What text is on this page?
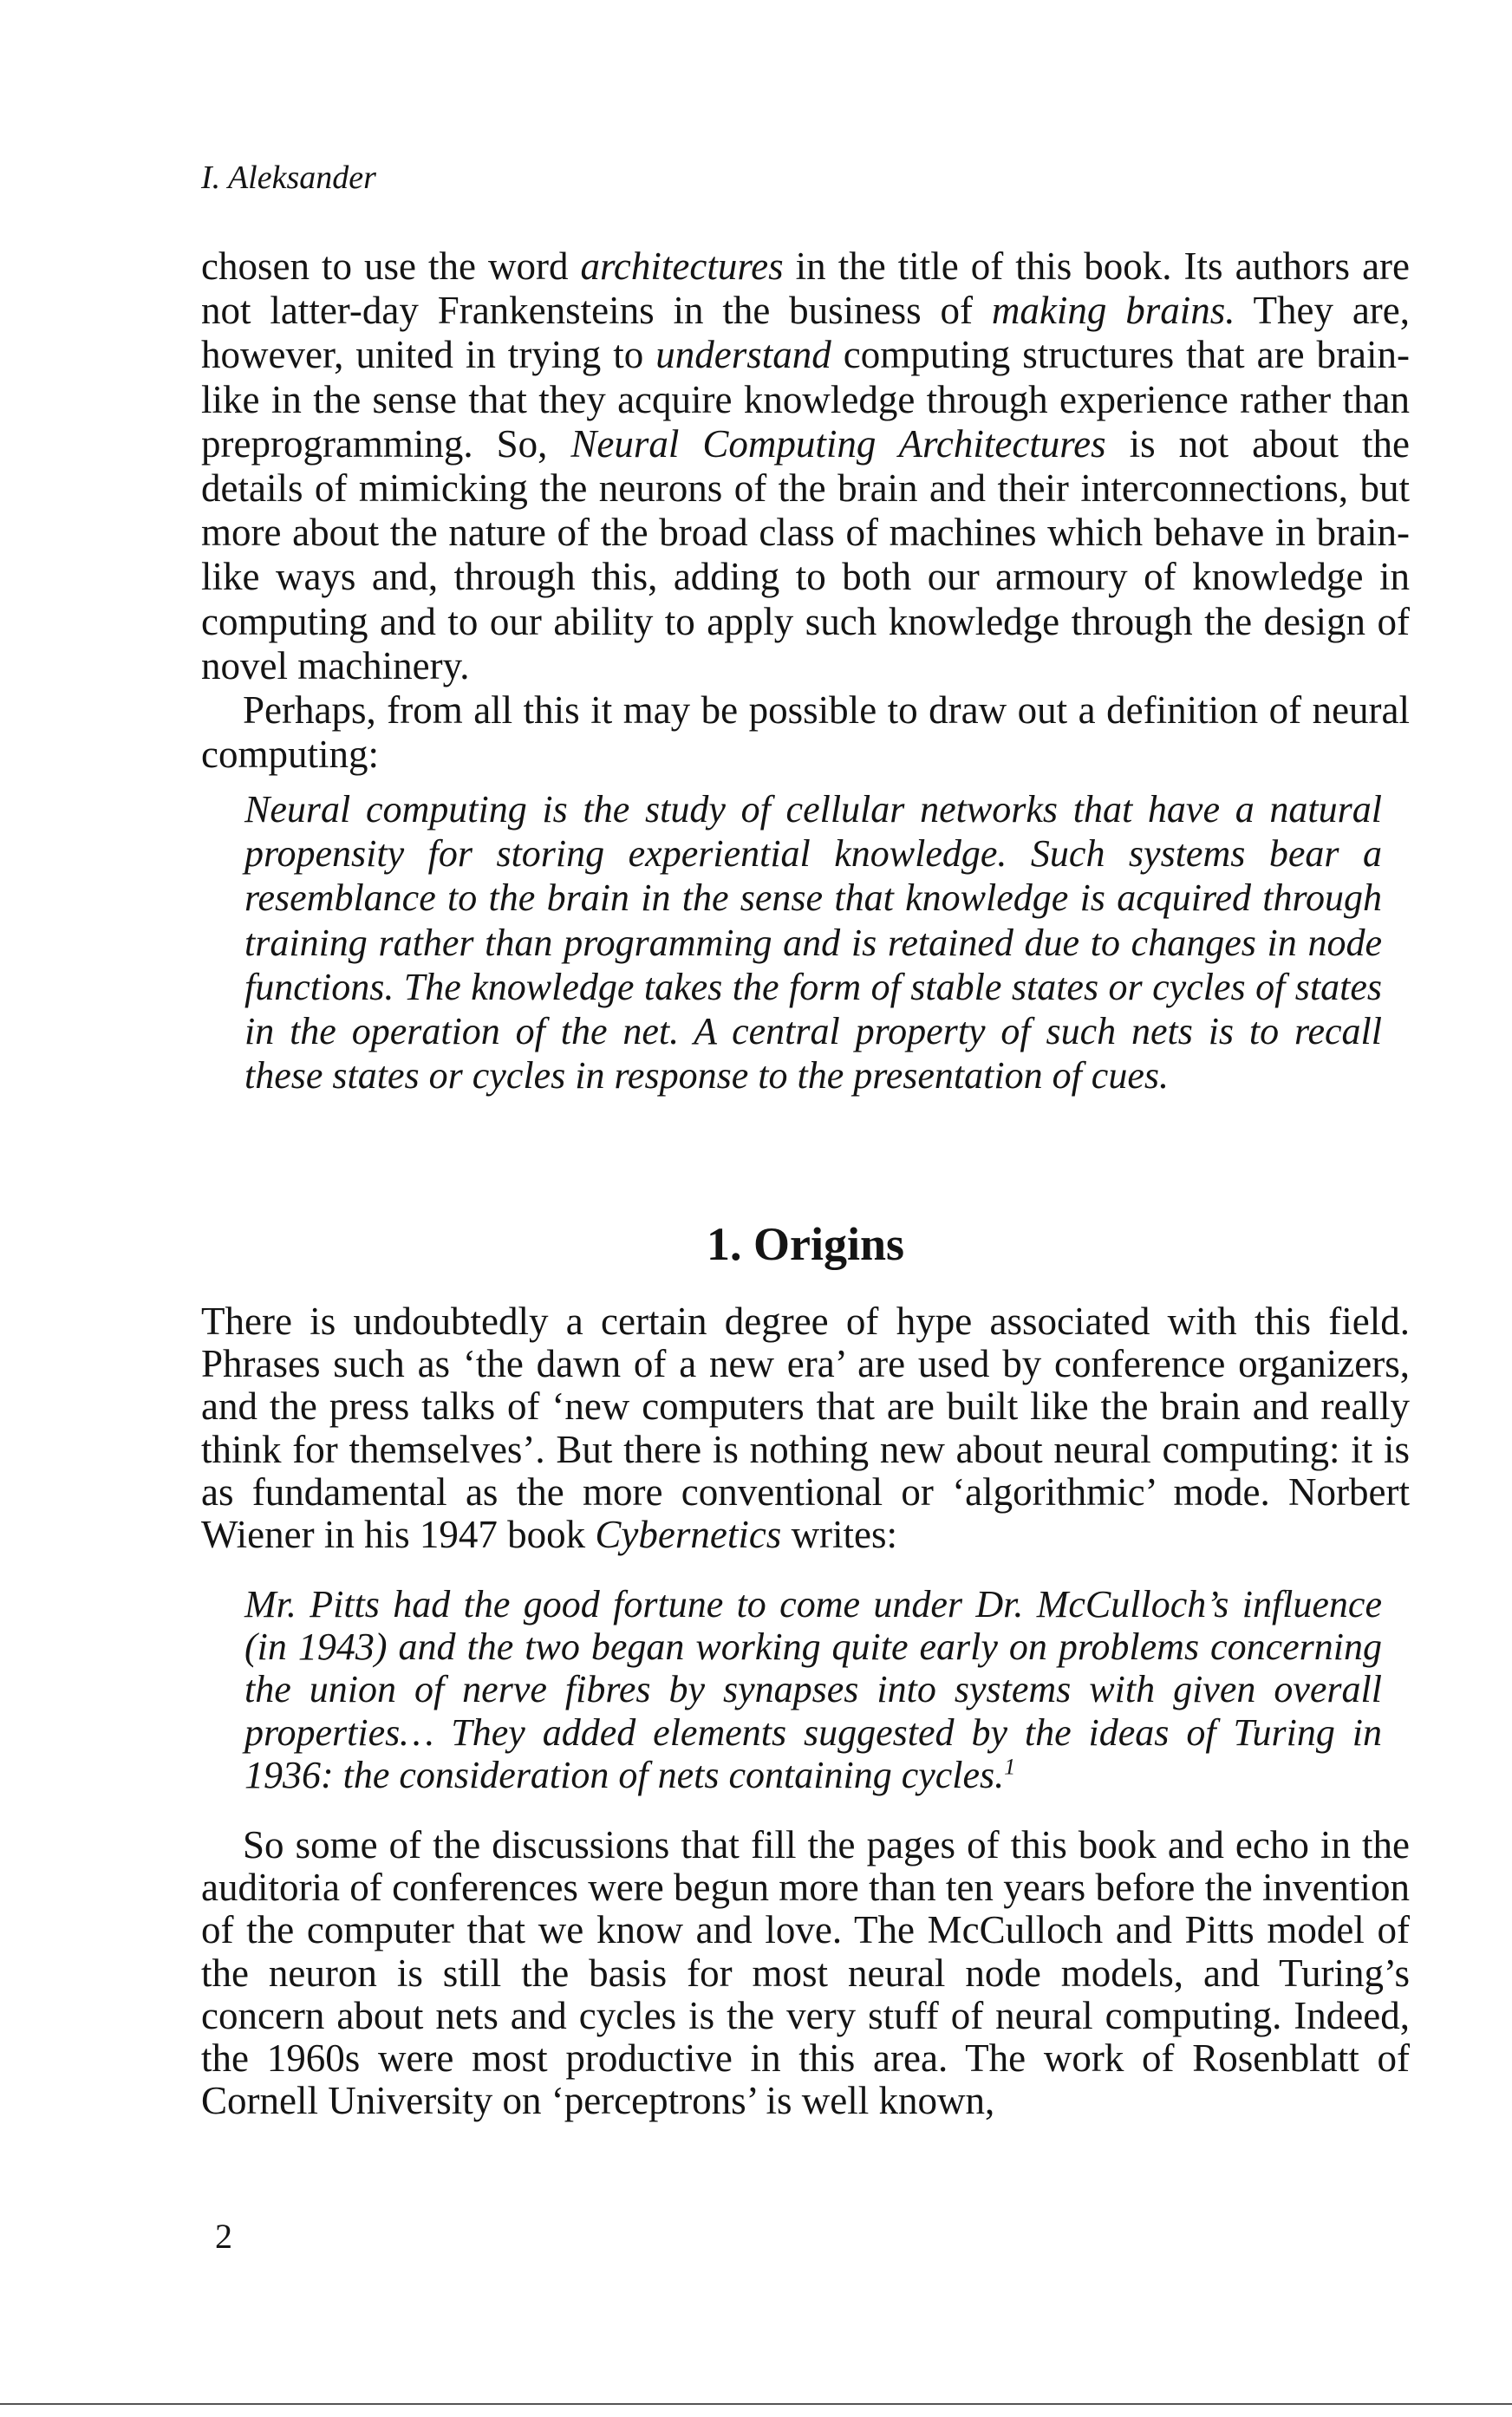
I. Aleksander

chosen to use the word architectures in the title of this book. Its authors are not latter-day Frankensteins in the business of making brains. They are, however, united in trying to understand computing structures that are brain-like in the sense that they acquire knowledge through experience rather than preprogramming. So, Neural Computing Architectures is not about the details of mimicking the neurons of the brain and their interconnections, but more about the nature of the broad class of machines which behave in brain-like ways and, through this, adding to both our armoury of knowledge in computing and to our ability to apply such knowledge through the design of novel machinery.

Perhaps, from all this it may be possible to draw out a definition of neural computing:

Neural computing is the study of cellular networks that have a natural propensity for storing experiential knowledge. Such systems bear a resemblance to the brain in the sense that knowledge is acquired through training rather than programming and is retained due to changes in node functions. The knowledge takes the form of stable states or cycles of states in the operation of the net. A central property of such nets is to recall these states or cycles in response to the presentation of cues.

1. Origins

There is undoubtedly a certain degree of hype associated with this field. Phrases such as ‘the dawn of a new era’ are used by conference organizers, and the press talks of ‘new computers that are built like the brain and really think for themselves’. But there is nothing new about neural computing: it is as fundamental as the more conventional or ‘algorithmic’ mode. Norbert Wiener in his 1947 book Cybernetics writes:

Mr. Pitts had the good fortune to come under Dr. McCulloch’s influence (in 1943) and the two began working quite early on problems concerning the union of nerve fibres by synapses into systems with given overall properties… They added elements suggested by the ideas of Turing in 1936: the consideration of nets containing cycles.$^1$

So some of the discussions that fill the pages of this book and echo in the auditoria of conferences were begun more than ten years before the invention of the computer that we know and love. The McCulloch and Pitts model of the neuron is still the basis for most neural node models, and Turing’s concern about nets and cycles is the very stuff of neural computing. Indeed, the 1960s were most productive in this area. The work of Rosenblatt of Cornell University on ‘perceptrons’ is well known,

2
